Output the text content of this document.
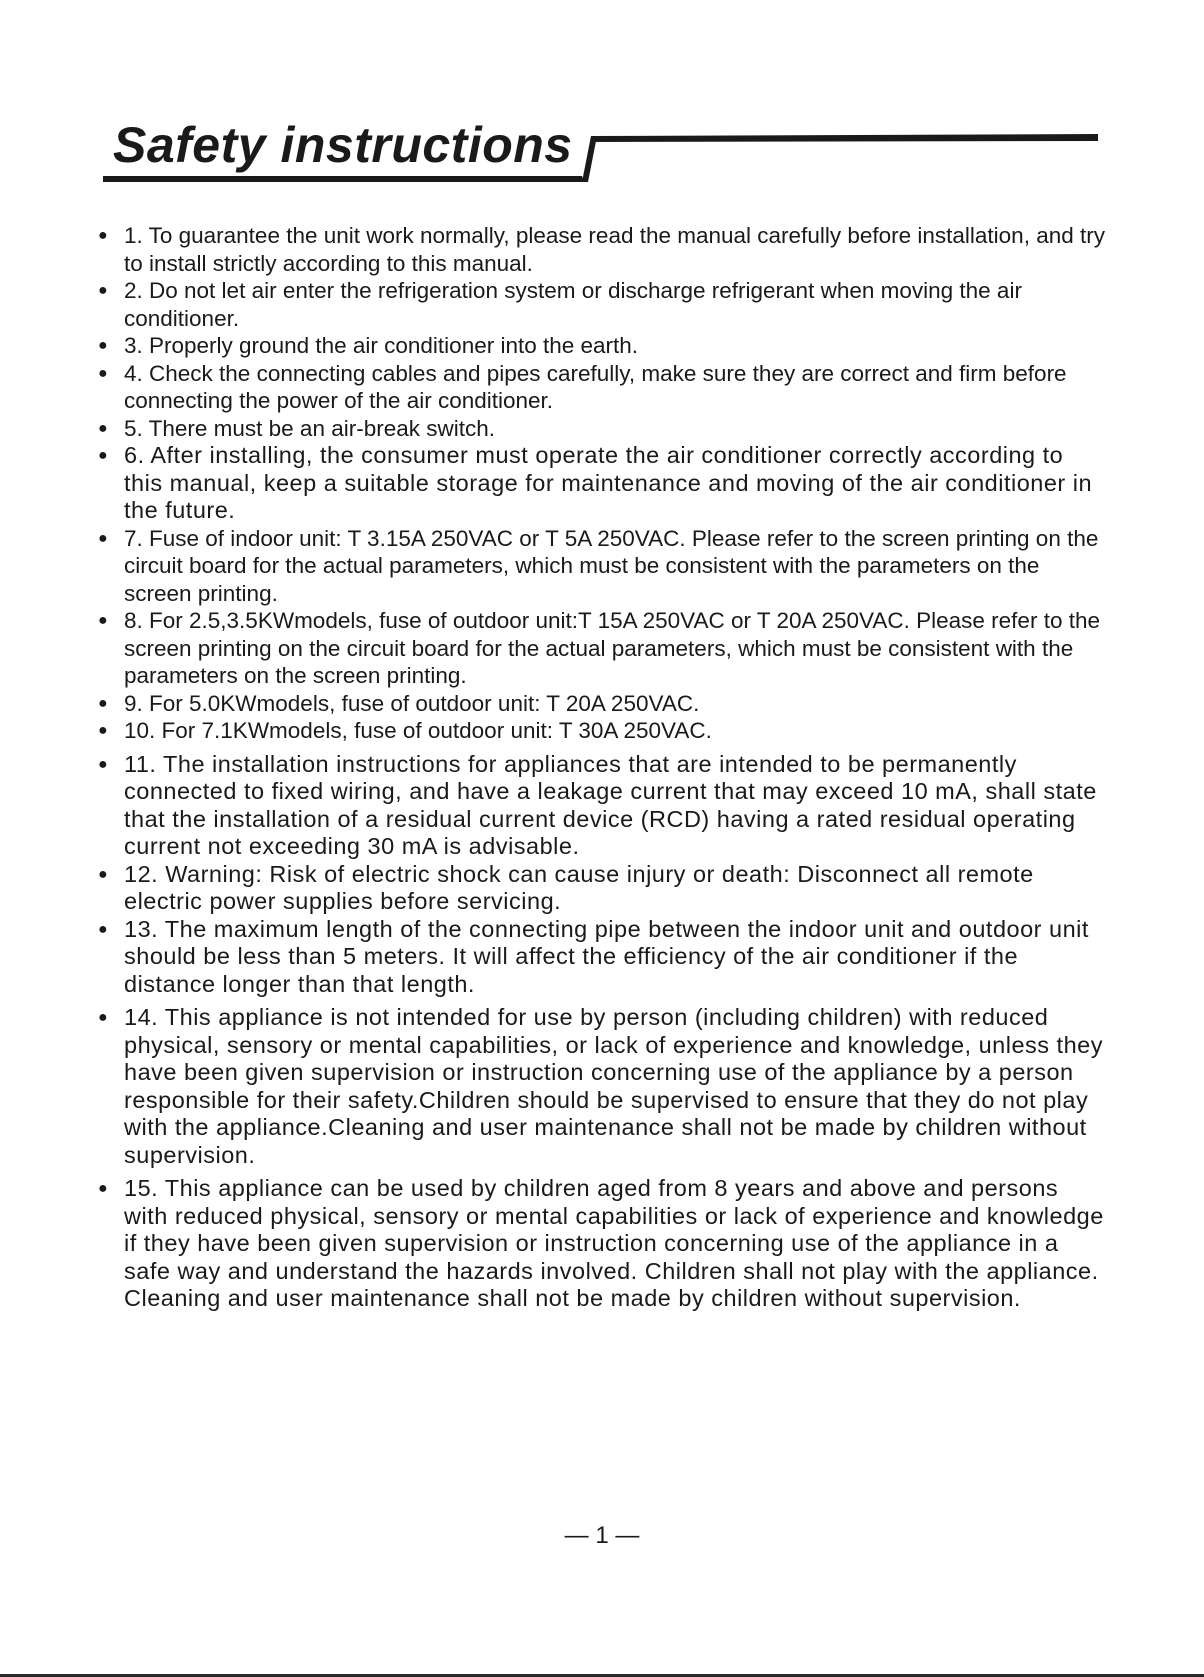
Safety instructions
● 1. To guarantee the unit work normally, please read the manual carefully before installation, and try to install strictly according to this manual.
● 2. Do not let air enter the refrigeration system or discharge refrigerant when moving the air conditioner.
● 3. Properly ground the air conditioner into the earth.
● 4. Check the connecting cables and pipes carefully, make sure they are correct and firm before connecting the power of the air conditioner.
● 5. There must be an air-break switch.
● 6. After installing, the consumer must operate the air conditioner correctly according to this manual, keep a suitable storage for maintenance and moving of the air conditioner in the future.
● 7. Fuse of indoor unit: T 3.15A 250VAC or T 5A 250VAC. Please refer to the screen printing on the circuit board for the actual parameters, which must be consistent with the parameters on the screen printing.
● 8. For 2.5,3.5KWmodels, fuse of outdoor unit:T 15A 250VAC or T 20A 250VAC. Please refer to the screen printing on the circuit board for the actual parameters, which must be consistent with the parameters on the screen printing.
● 9. For 5.0KWmodels, fuse of outdoor unit: T 20A 250VAC.
● 10. For 7.1KWmodels, fuse of outdoor unit: T 30A 250VAC.
● 11. The installation instructions for appliances that are intended to be permanently connected to fixed wiring, and have a leakage current that may exceed 10 mA, shall state that the installation of a residual current device (RCD) having a rated residual operating current not exceeding 30 mA is advisable.
● 12. Warning: Risk of electric shock can cause injury or death: Disconnect all remote electric power supplies before servicing.
● 13. The maximum length of the connecting pipe between the indoor unit and outdoor unit should be less than 5 meters. It will affect the efficiency of the air conditioner if the distance longer than that length.
● 14. This appliance is not intended for use by person (including children) with reduced physical, sensory or mental capabilities, or lack of experience and knowledge, unless they have been given supervision or instruction concerning use of the appliance by a person responsible for their safety.Children should be supervised to ensure that they do not play with the appliance.Cleaning and user maintenance shall not be made by children without supervision.
● 15. This appliance can be used by children aged from 8 years and above and persons with reduced physical, sensory or mental capabilities or lack of experience and knowledge if they have been given supervision or instruction concerning use of the appliance in a safe way and understand the hazards involved. Children shall not play with the appliance. Cleaning and user maintenance shall not be made by children without supervision.
— 1 —
